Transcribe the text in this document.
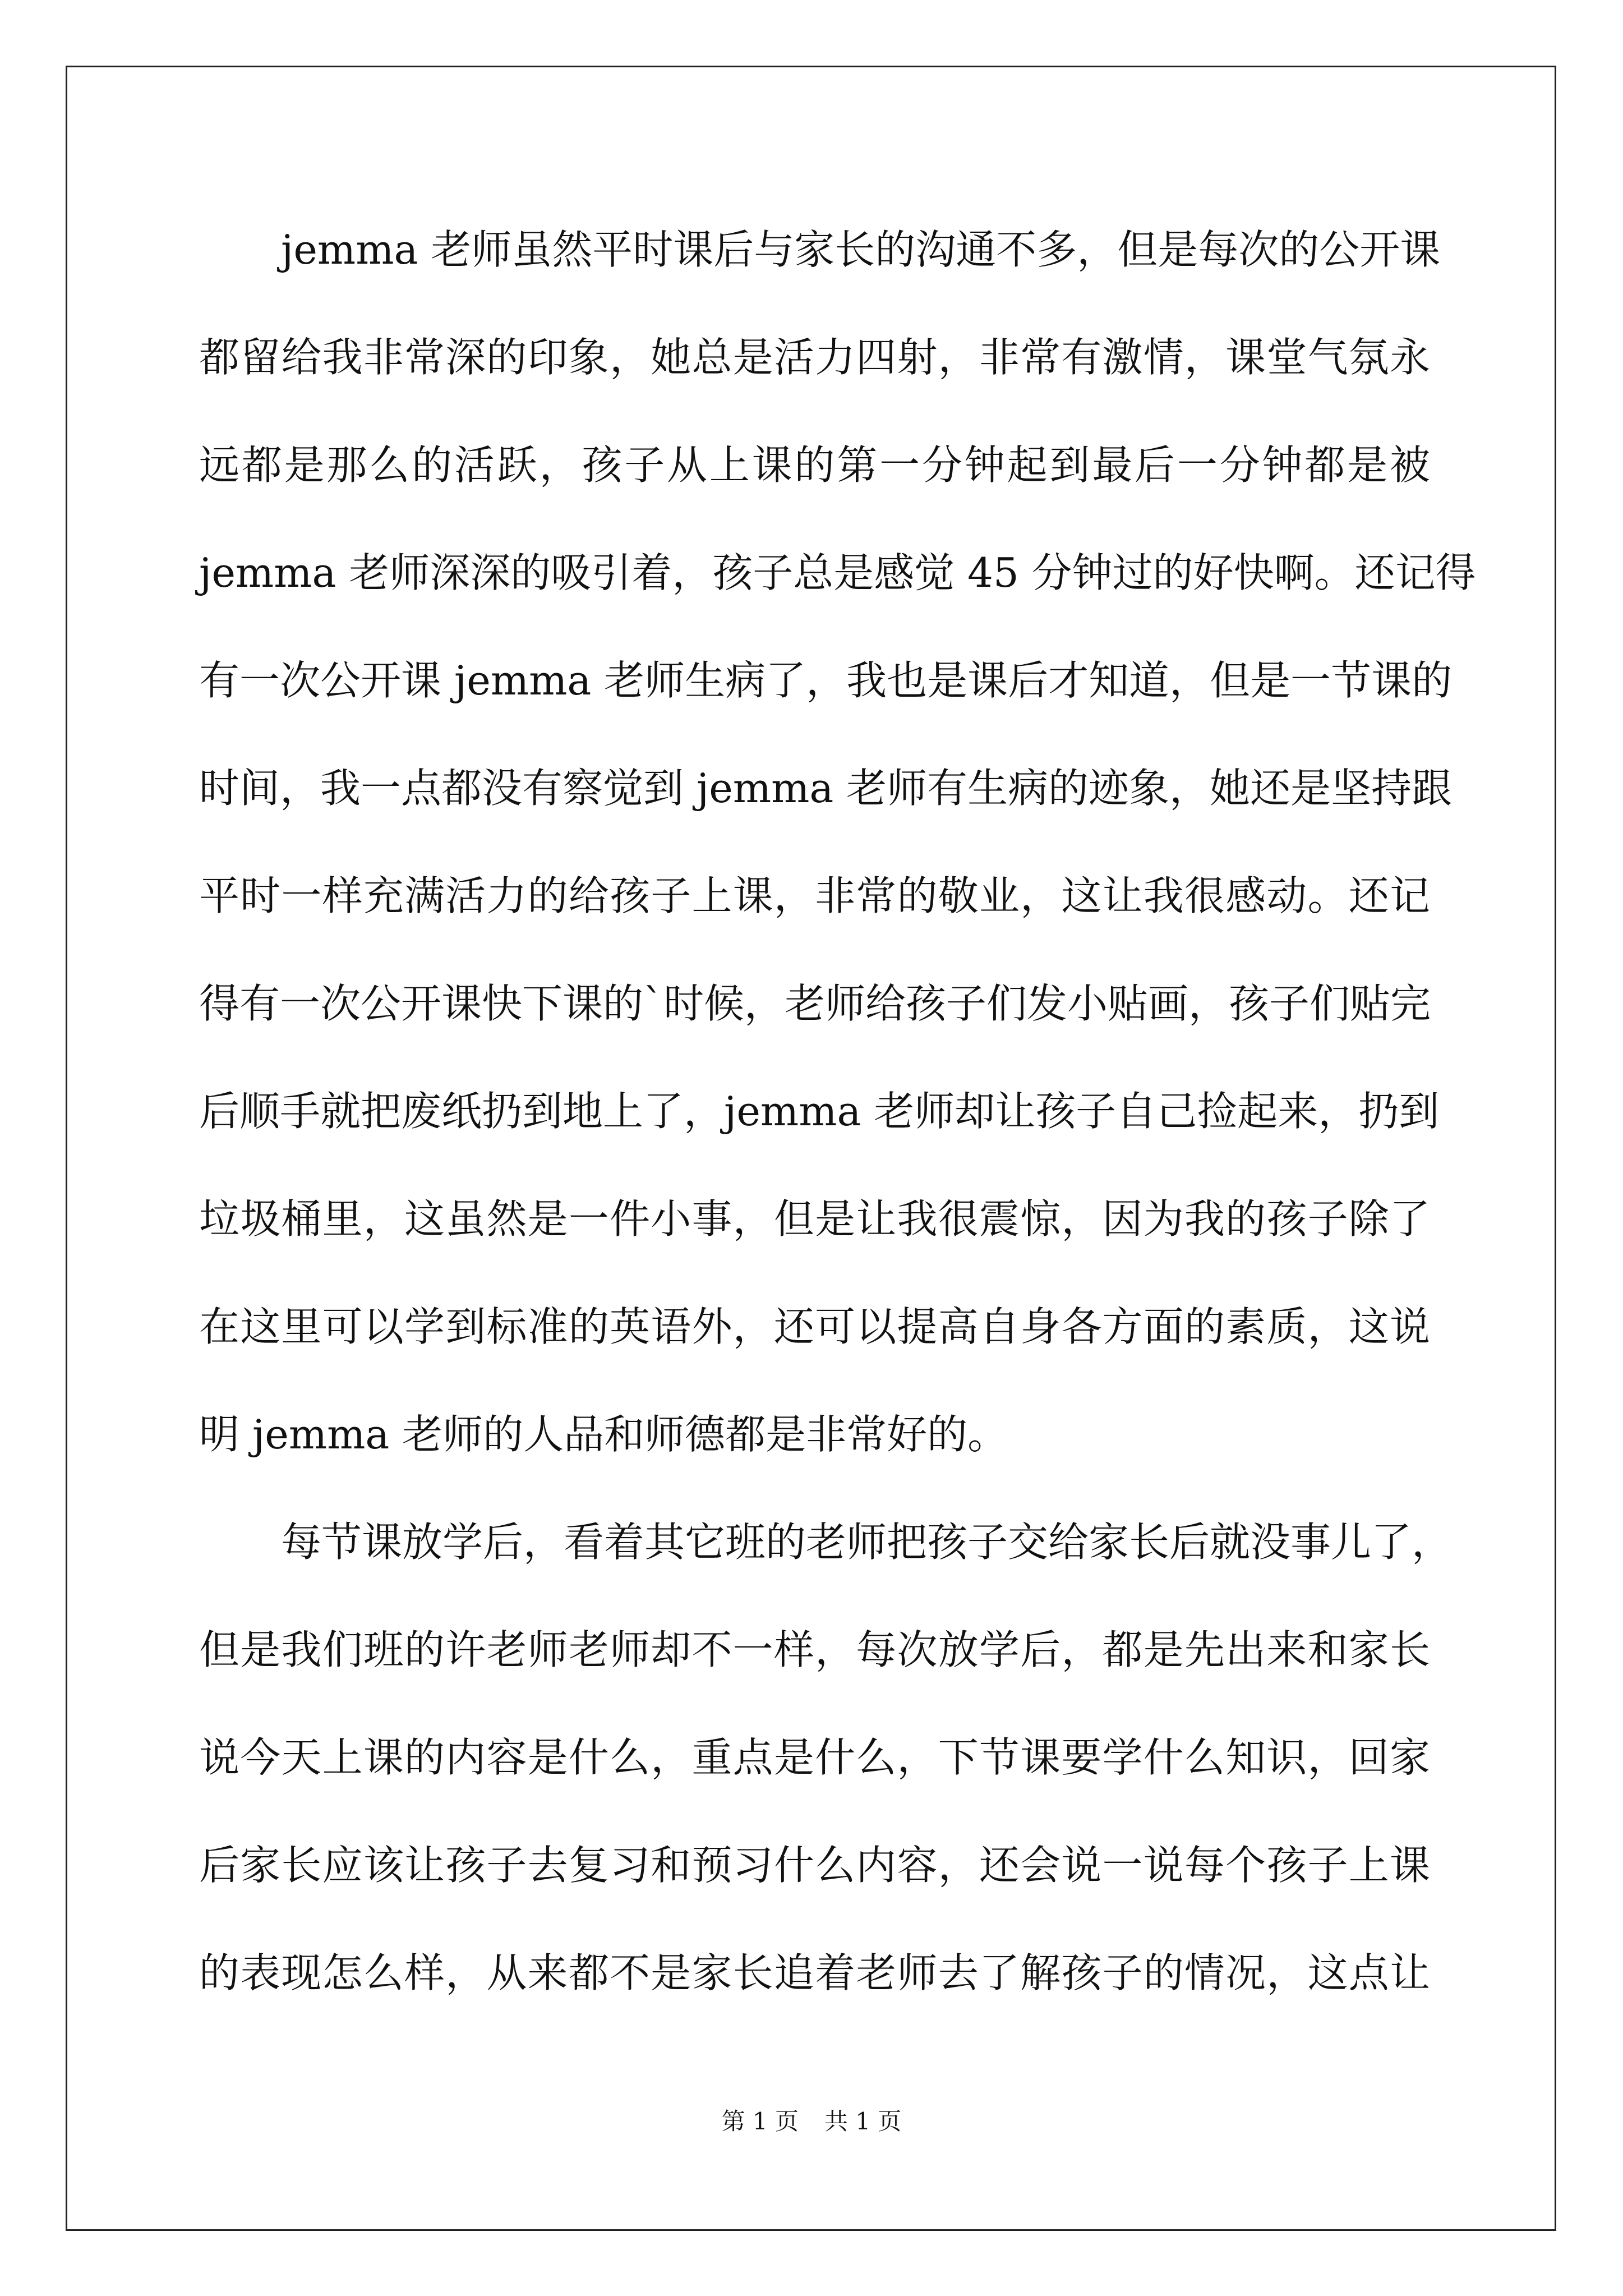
jemma 老师虽然平时课后与家长的沟通不多，但是每次的公开课
都留给我非常深的印象，她总是活力四射，非常有激情，课堂气氛永
远都是那么的活跃，孩子从上课的第一分钟起到最后一分钟都是被
jemma 老师深深的吸引着，孩子总是感觉 45 分钟过的好快啊。还记得
有一次公开课 jemma 老师生病了，我也是课后才知道，但是一节课的
时间，我一点都没有察觉到 jemma 老师有生病的迹象，她还是坚持跟
平时一样充满活力的给孩子上课，非常的敬业，这让我很感动。还记
得有一次公开课快下课的`时候，老师给孩子们发小贴画，孩子们贴完
后顺手就把废纸扔到地上了，jemma 老师却让孩子自己捡起来，扔到
垃圾桶里，这虽然是一件小事，但是让我很震惊，因为我的孩子除了
在这里可以学到标准的英语外，还可以提高自身各方面的素质，这说
明 jemma 老师的人品和师德都是非常好的。
每节课放学后，看着其它班的老师把孩子交给家长后就没事儿了，
但是我们班的许老师老师却不一样，每次放学后，都是先出来和家长
说今天上课的内容是什么，重点是什么，下节课要学什么知识，回家
后家长应该让孩子去复习和预习什么内容，还会说一说每个孩子上课
的表现怎么样，从来都不是家长追着老师去了解孩子的情况，这点让
第 1 页 共 1 页
